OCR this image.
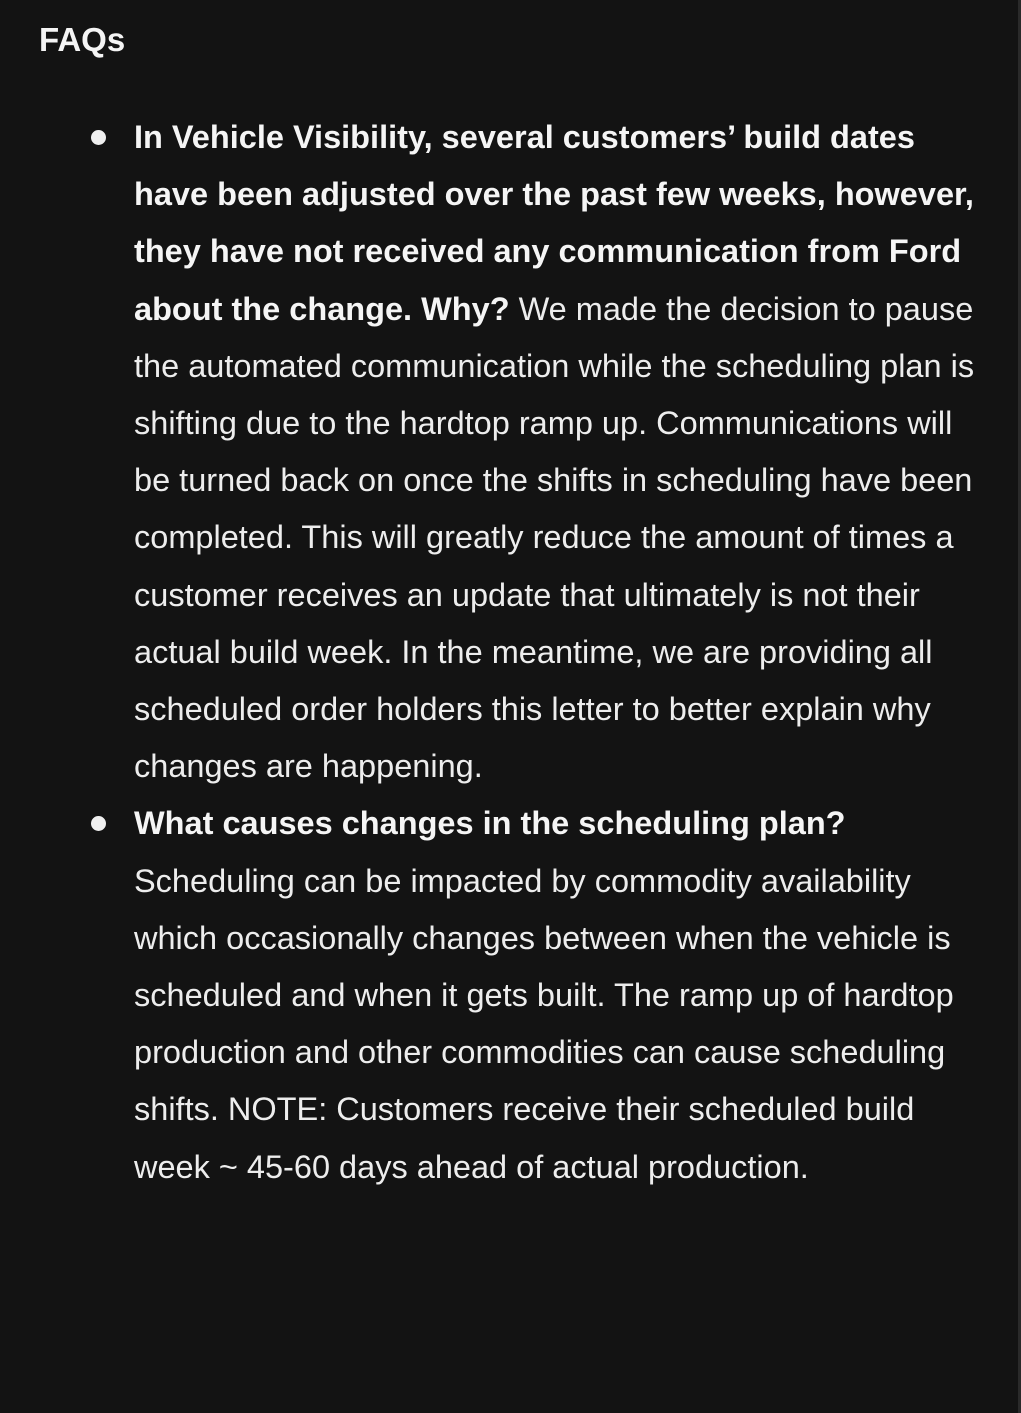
FAQs
In Vehicle Visibility, several customers’ build dates have been adjusted over the past few weeks, however, they have not received any communication from Ford about the change. Why? We made the decision to pause the automated communication while the scheduling plan is shifting due to the hardtop ramp up. Communications will be turned back on once the shifts in scheduling have been completed. This will greatly reduce the amount of times a customer receives an update that ultimately is not their actual build week. In the meantime, we are providing all scheduled order holders this letter to better explain why changes are happening.
What causes changes in the scheduling plan? Scheduling can be impacted by commodity availability which occasionally changes between when the vehicle is scheduled and when it gets built. The ramp up of hardtop production and other commodities can cause scheduling shifts. NOTE: Customers receive their scheduled build week ~ 45-60 days ahead of actual production.
